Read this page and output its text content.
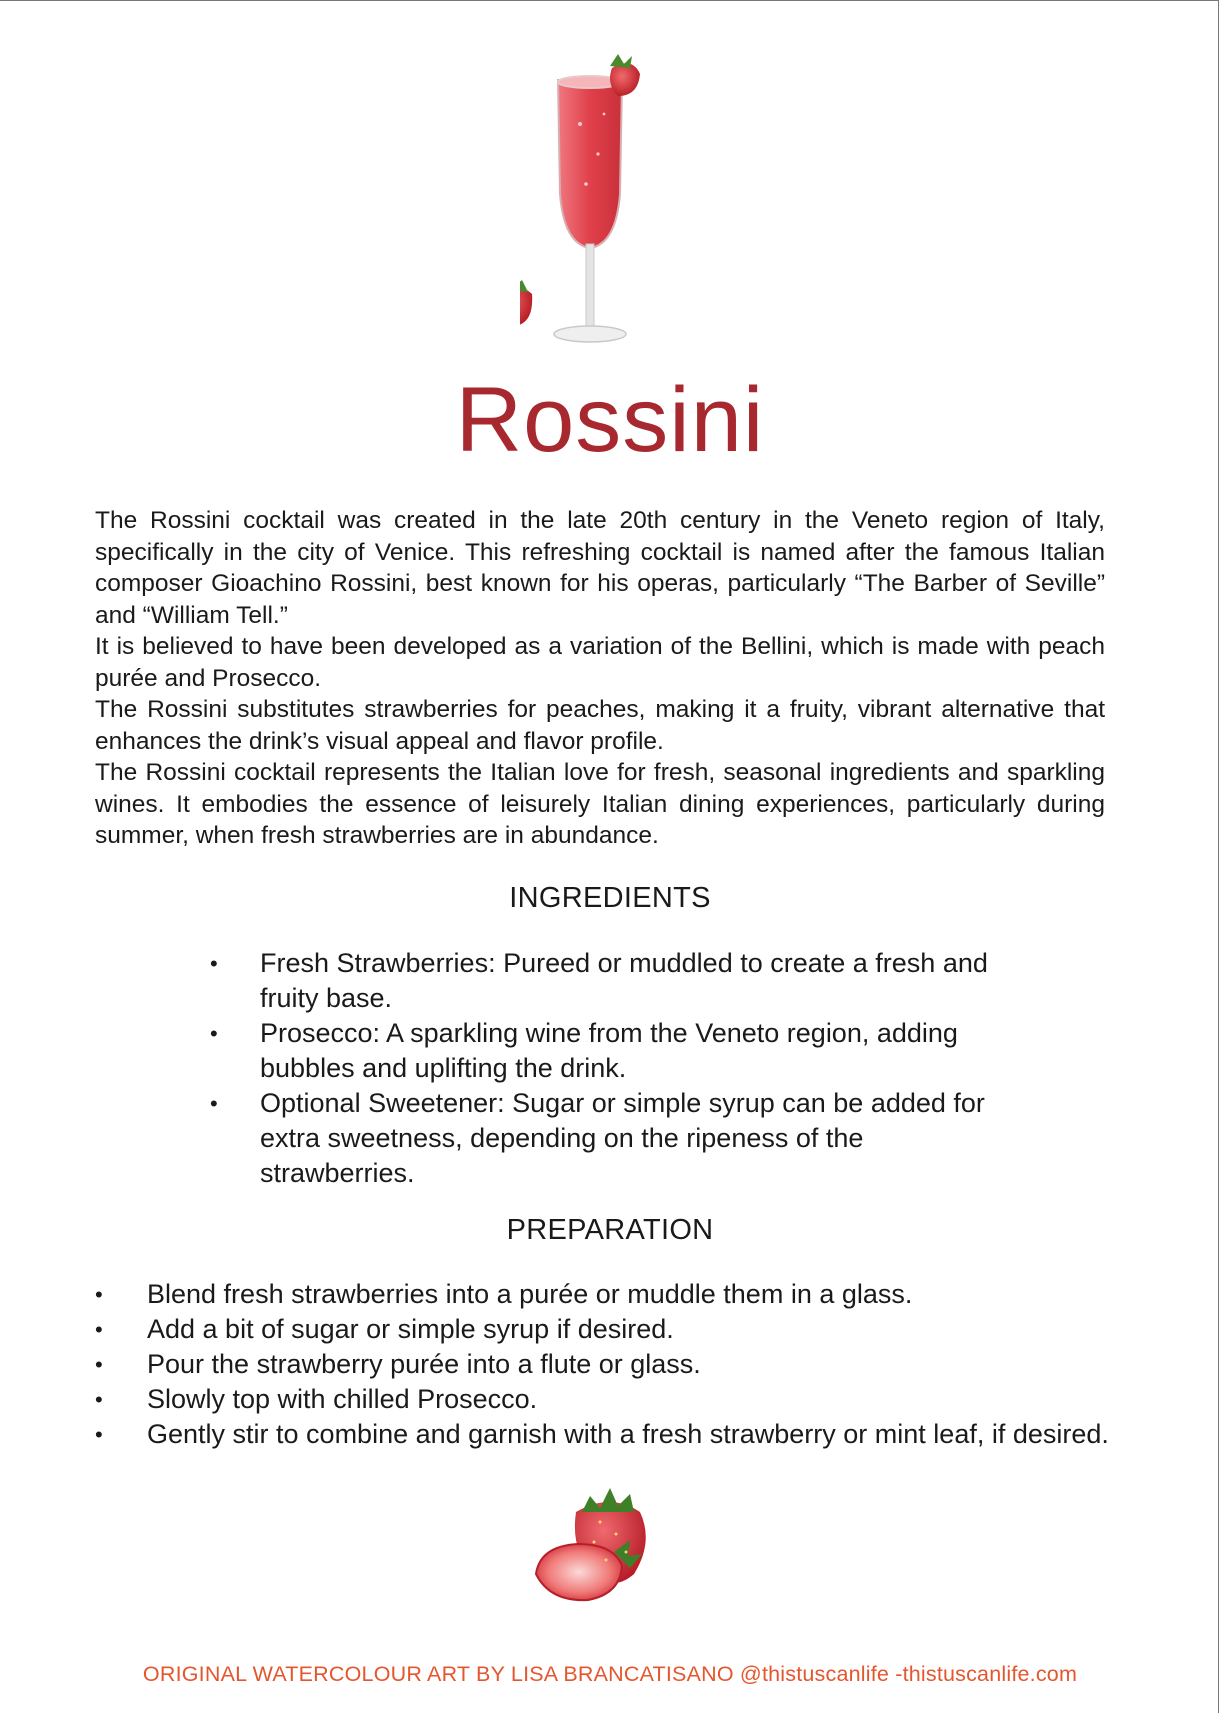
Rossini

The Rossini cocktail was created in the late 20th century in the Veneto region of Italy, specifically in the city of Venice. This refreshing cocktail is named after the famous Italian composer Gioachino Rossini, best known for his operas, particularly “The Barber of Seville” and “William Tell.”

It is believed to have been developed as a variation of the Bellini, which is made with peach purée and Prosecco.

The Rossini substitutes strawberries for peaches, making it a fruity, vibrant alternative that enhances the drink’s visual appeal and flavor profile.

The Rossini cocktail represents the Italian love for fresh, seasonal ingredients and sparkling wines. It embodies the essence of leisurely Italian dining experiences, particularly during summer, when fresh strawberries are in abundance.

INGREDIENTS
• Fresh Strawberries: Pureed or muddled to create a fresh and fruity base.
• Prosecco: A sparkling wine from the Veneto region, adding bubbles and uplifting the drink.
• Optional Sweetener: Sugar or simple syrup can be added for extra sweetness, depending on the ripeness of the strawberries.
PREPARATION
• Blend fresh strawberries into a purée or muddle them in a glass.
• Add a bit of sugar or simple syrup if desired.
• Pour the strawberry purée into a flute or glass.
• Slowly top with chilled Prosecco.
• Gently stir to combine and garnish with a fresh strawberry or mint leaf, if desired.
ORIGINAL WATERCOLOUR ART BY LISA BRANCATISANO @thistuscanlife -thistuscanlife.com
